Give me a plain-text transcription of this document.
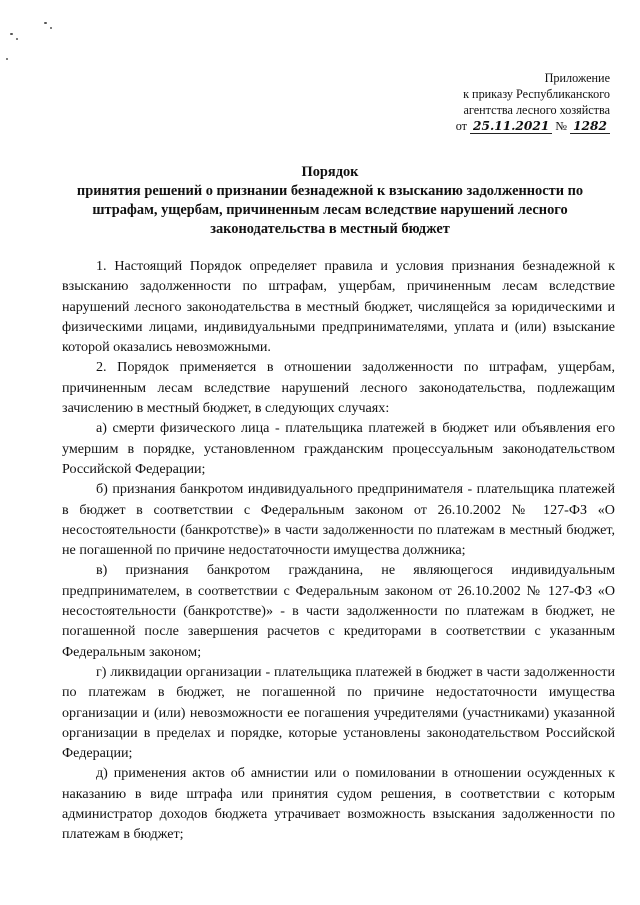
Приложение
к приказу Республиканского
агентства лесного хозяйства
от 25.11.2021 № 1282
Порядок
принятия решений о признании безнадежной к взысканию задолженности по штрафам, ущербам, причиненным лесам вследствие нарушений лесного законодательства в местный бюджет

1. Настоящий Порядок определяет правила и условия признания безнадежной к взысканию задолженности по штрафам, ущербам, причиненным лесам вследствие нарушений лесного законодательства в местный бюджет, числящейся за юридическими и физическими лицами, индивидуальными предпринимателями, уплата и (или) взыскание которой оказались невозможными.

2. Порядок применяется в отношении задолженности по штрафам, ущербам, причиненным лесам вследствие нарушений лесного законодательства, подлежащим зачислению в местный бюджет, в следующих случаях:

а) смерти физического лица - плательщика платежей в бюджет или объявления его умершим в порядке, установленном гражданским процессуальным законодательством Российской Федерации;

б) признания банкротом индивидуального предпринимателя - плательщика платежей в бюджет в соответствии с Федеральным законом от 26.10.2002 № 127-ФЗ «О несостоятельности (банкротстве)» в части задолженности по платежам в местный бюджет, не погашенной по причине недостаточности имущества должника;

в) признания банкротом гражданина, не являющегося индивидуальным предпринимателем, в соответствии с Федеральным законом от 26.10.2002 № 127-ФЗ «О несостоятельности (банкротстве)» - в части задолженности по платежам в бюджет, не погашенной после завершения расчетов с кредиторами в соответствии с указанным Федеральным законом;

г) ликвидации организации - плательщика платежей в бюджет в части задолженности по платежам в бюджет, не погашенной по причине недостаточности имущества организации и (или) невозможности ее погашения учредителями (участниками) указанной организации в пределах и порядке, которые установлены законодательством Российской Федерации;

д) применения актов об амнистии или о помиловании в отношении осужденных к наказанию в виде штрафа или принятия судом решения, в соответствии с которым администратор доходов бюджета утрачивает возможность взыскания задолженности по платежам в бюджет;
